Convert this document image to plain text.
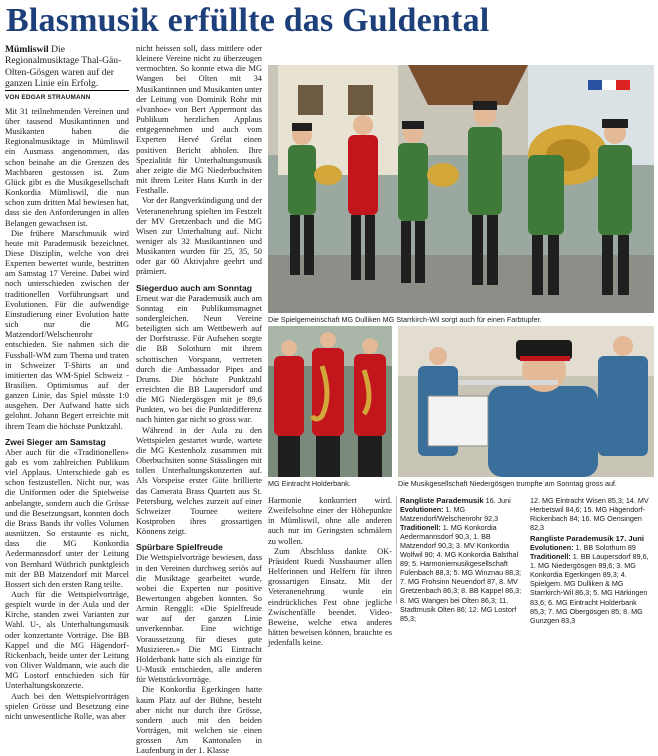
Blasmusik erfüllte das Guldental

Mümliswil Die Regionalmusiktage Thal-Gäu-Olten-Gösgen waren auf der ganzen Linie ein Erfolg.

VON EDGAR STRAUMANN

Mit 31 teilnehmenden Vereinen und über tausend Musikantinnen und Musikanten haben die Regionalmusiktage in Mümliswil ein Ausmass angenommen, das schon beinahe an die Grenzen des Machbaren gestossen ist. Zum Glück gibt es die Musikgesellschaft Konkordia Mümliswil, die nun schon zum dritten Mal bewiesen hat, dass sie den Anforderungen in allen Belangen gewachsen ist.

Die frühere Marschmusik wird heute mit Parademusik bezeichnet. Diese Disziplin, welche von drei Experten bewertet wurde, bestritten am Samstag 17 Vereine. Dabei wird noch unterschieden zwischen der traditionellen Vorführungsart und Evolutionen. Für die aufwendige Einstudierung einer Evolution hatte sich nur die MG Matzendorf/Welschenrohr entschieden. Sie nahmen sich die Fussball-WM zum Thema und traten in Schweizer T-Shirts an und imitierten das WM-Spiel Schweiz - Brasilien. Optimismus auf der ganzen Linie, das Spiel müsste 1:0 ausgehen. Der Aufwand hatte sich gelohnt. Johann Begert erreichte mit ihrem Team die höchste Punktzahl.

Zwei Sieger am Samstag

Aber auch für die «Traditionellen» gab es vom zahlreichen Publikum viel Applaus. Unterschiede gab es schon festzustellen. Nicht nur, was die Uniformen oder die Spielweise anbelangte, sondern auch die Grösse und die Besetzungsart, konnten doch die Brass Bands ihr volles Volumen ausnützen. So erstaunte es nicht, dass die MG Konkordia Aedermannsdorf unter der Leitung von Bernhard Wüthrich punktgleich mit der BB Matzendorf mit Marcel Bossert sich den ersten Rang teilte.

Auch für die Wettspielvorträge, gespielt wurde in der Aula und der Kirche, standen zwei Varianten zur Wahl. U-, als Unterhaltungsmusik oder konzertante Vorträge. Die BB Kappel und die MG Hägendorf-Rickenbach, beide unter der Leitung von Oliver Waldmann, wie auch die MG Lostorf entschieden sich für Unterhaltungskonzerte.

Auch bei den Wettspielvorträgen spielen Grösse und Besetzung eine nicht unwesentliche Rolle, was aber

nicht heissen soll, dass mittlere oder kleinere Vereine nicht zu überzeugen vermochten. So konnte etwa die MG Wangen bei Olten mit 34 Musikantinnen und Musikanten unter der Leitung von Dominik Rohr mit «Ivanhoe» von Bert Appermont das Publikum herzlichen Applaus entgegennehmen und auch vom Experten Hervé Grélat einen positiven Bericht abholen. Ihre Spezialität für Unterhaltungsmusik aber zeigte die MG Niederbuchsiten mit ihrem Leiter Hans Kurth in der Festhalle.

Vor der Rangverkündigung und der Veteranenehrung spielten im Festzelt der MV Gretzenbach und die MG Wisen zur Unterhaltung auf. Nicht weniger als 32 Musikantinnen und Musikanten wurden für 25, 35, 50 oder gar 60 Aktivjahre geehrt und prämiert.

Siegerduo auch am Sonntag

Erneut war die Parademusik auch am Sonntag ein Publikumsmagnet sondergleichen. Neun Vereine beteiligten sich am Wettbewerb auf der Dorfstrasse. Für Aufsehen sorgte die BB Solothurn mit ihrem schottischen Vorspann, vertreten durch die Ambassador Pipes and Drums. Die höchste Punktzahl erreichten die BB Laupersdorf und die MG Niedergösgen mit je 89,6 Punkten, wo bei die Punktedifferenz nach hinten gar nicht so gross war.

Während in der Aula zu den Wettspielen gestartet wurde, wartete die MG Kestenholz zusammen mit Oberbuchsiten sonne Stässlingen mit tollen Unterhaltungskonzerten auf. Als Vorspeise erster Güte brillierte das Camerata Brass Quartett aus St. Petersburg, welches zurzeit auf einer Schweizer Tournee weitere Kostproben ihres grossartigen Könnens zeigt.

Spürbare Spielfreude

Die Wettspielvorträge bewiesen, dass in den Vereinen durchweg seriös auf die Musiktage gearbeitet wurde, wobei die Experten nur positive Bewertungen abgeben konnten. So Armin Renggli: «Die Spielfreude war auf der ganzen Linie unverkennbar. Eine wichtige Voraussetzung für dieses gute Musizieren.» Die MG Eintracht Holderbank hatte sich als einzige für U-Musik entschieden, alle anderen für Wettstückvorträge.

Die Konkordia Egerkingen hatte kaum Platz auf der Bühne, besteht aber nicht nur durch ihre Grösse, sondern auch mit den beiden Vorträgen, mit welchen sie einen grossen Am Kantonalen in Laufenburg in der 1. Klasse

Die Spielgemeinschaft MG Dulliken MG Starrkirch-Wil sorgt auch für einen Farbtupfer.
MG Eintracht Holderbank.	Die Musikgesellschaft Niedergösgen trumpfte am Sonntag gross auf.

Harmonie konkurriert wird. Zweifelsohne einer der Höhepunkte in Mümliswil, ohne alle anderen auch nur im Geringsten schmälern zu wollen.

Zum Abschluss dankte OK-Präsident Ruedi Nussbaumer allen Helferinnen und Helfern für ihren grossartigen Einsatz. Mit der Veteranenehrung wurde ein eindrückliches Fest ohne jegliche Zwischenfälle beendet. Video-Beweise, welche etwa anderes hätten beweisen können, brauchte es jedenfalls keine.

Rangliste Parademusik 16. Juni

Evolutionen: 1. MG Matzendorf/Welschenrohr 92,3

Traditionell: 1. MG Konkordia Aedermannsdorf 90,3, 1. BB Matzendorf 90,3; 3. MV Konkordia Wolfwil 90; 4. MG Konkordia Balsthal 89; 5. Harmoniemusikgesellschaft Fulenbach 88,3; 5. MG Winznau 88,3; 7. MG Frohsinn Neuendorf 87, 8. MV Gretzenbach 86,3; 8. BB Kappel 86,3; 8. MG Wangen bei Olten 86,3; 11. Stadtmusik Olten 86; 12. MG Lostorf 85,3;

12. MG Eintracht Wisen 85,3; 14. MV Herbetswil 84,6; 15. MG Hägendorf-Rickenbach 84; 16. MG Oensingen 82,3

Rangliste Parademusik 17. Juni

Evolutionen: 1. BB Solothurn 89

Traditionell: 1. BB Laupersdorf 89,6, 1. MG Niedergösgen 89,6; 3. MG Konkordia Egerkingen 89,3; 4. Spielgem. MG Dulliken & MG Starrkirch-Wil 86,3; 5. MG Härkingen 83,6; 6. MG Eintracht Holderbank 85,3; 7. MG Obergösgen 85; 8. MG Gunzgen 83,3
